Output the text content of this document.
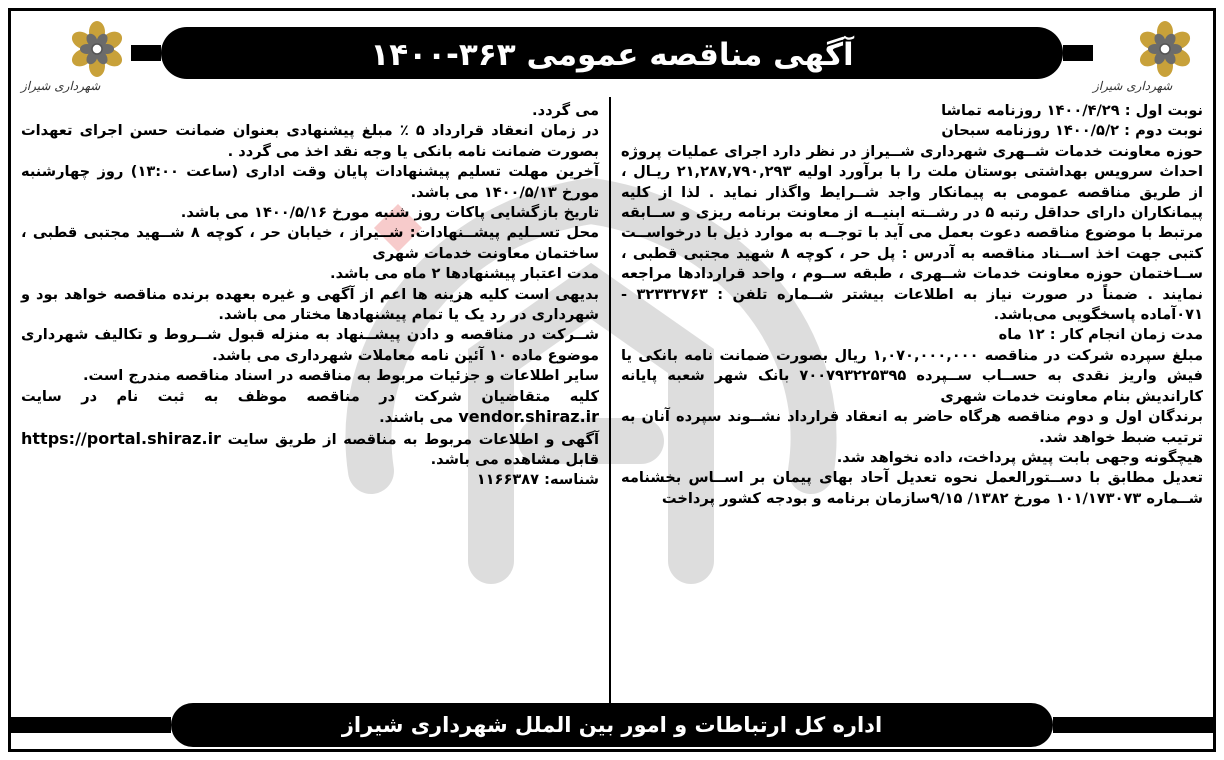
آگهی مناقصه عمومی ۳۶۳-۱۴۰۰
شهرداری شیراز
شهرداری شیراز

نوبت اول : ۱۴۰۰/۴/۲۹ روزنامه تماشا

نوبت دوم : ۱۴۰۰/۵/۲ روزنامه سبحان

حوزه معاونت خدمات شــهری شهرداری شــیراز در نظر دارد اجرای عملیات پروژه احداث سرویس بهداشتی بوستان ملت را با برآورد اولیه ۲۱,۲۸۷,۷۹۰,۲۹۳ ریـال ، از طریق مناقصه عمومی به پیمانکار واجد شــرایط واگذار نماید . لذا از کلیه پیمانکاران دارای حداقل رتبه ۵ در رشــته ابنیــه از معاونت برنامه ریزی و ســابقه مرتبط با موضوع مناقصه دعوت بعمل می آید با توجــه به موارد ذیل با درخواســت کتبی جهت اخذ اســناد مناقصه به آدرس : پل حر ، کوچه ۸ شهید مجتبی قطبی ، ســاختمان حوزه معاونت خدمات شــهری ، طبقه ســوم ، واحد قراردادها مراجعه نمایند . ضمناً در صورت نیاز به اطلاعات بیشتر شــماره تلفن : ۳۲۳۳۲۷۶۳ - ۰۷۱آماده پاسخگویی می‌باشد.

مدت زمان انجام کار : ۱۲ ماه

مبلغ سپرده شرکت در مناقصه ۱,۰۷۰,۰۰۰,۰۰۰ ریال بصورت ضمانت نامه بانکی یا فیش واریز نقدی به حســاب ســپرده ۷۰۰۷۹۳۲۲۵۳۹۵ بانک شهر شعبه پایانه کاراندیش بنام معاونت خدمات شهری

برندگان اول و دوم مناقصه هرگاه حاضر به انعقاد قرارداد نشــوند سپرده آنان به ترتیب ضبط خواهد شد.

هیچگونه وجهی بابت پیش پرداخت، داده نخواهد شد.

تعدیل مطابق با دســتورالعمل نحوه تعدیل آحاد بهای پیمان بر اســاس بخشنامه شــماره ۱۰۱/۱۷۳۰۷۳ مورخ ۱۳۸۲/ ۹/۱۵سازمان برنامه و بودجه کشور پرداخت

می گردد.

در زمان انعقاد قرارداد ۵ ٪ مبلغ پیشنهادی بعنوان ضمانت حسن اجرای تعهدات بصورت ضمانت نامه بانکی یا وجه نقد اخذ می گردد .

آخرین مهلت تسلیم پیشنهادات پایان وقت اداری (ساعت ۱۳:۰۰) روز چهارشنبه مورخ ۱۴۰۰/۵/۱۳ می باشد.

تاریخ بازگشایی پاکات روز شنبه مورخ ۱۴۰۰/۵/۱۶ می باشد.

محل تســلیم پیشــنهادات: شــیراز ، خیابان حر ، کوچه ۸ شــهید مجتبی قطبی ، ساختمان معاونت خدمات شهری

مدت اعتبار پیشنهادها ۲ ماه می باشد.

بدیهی است کلیه هزینه ها اعم از آگهی و غیره بعهده برنده مناقصه خواهد بود و شهرداری در رد یک یا تمام پیشنهادها مختار می باشد.

شــرکت در مناقصه و دادن پیشــنهاد به منزله قبول شــروط و تکالیف شهرداری موضوع ماده ۱۰ آئین نامه معاملات شهرداری می باشد.

سایر اطلاعات و جزئیات مربوط به مناقصه در اسناد مناقصه مندرج است.

کلیه متقاضیان شرکت در مناقصه موظف به ثبت نام در سایت vendor.shiraz.ir می باشند.

آگهی و اطلاعات مربوط به مناقصه از طریق سایت https://portal.shiraz.ir قابل مشاهده می باشد.

شناسه: ۱۱۶۶۳۸۷

اداره کل ارتباطات و امور بین الملل شهرداری شیراز
